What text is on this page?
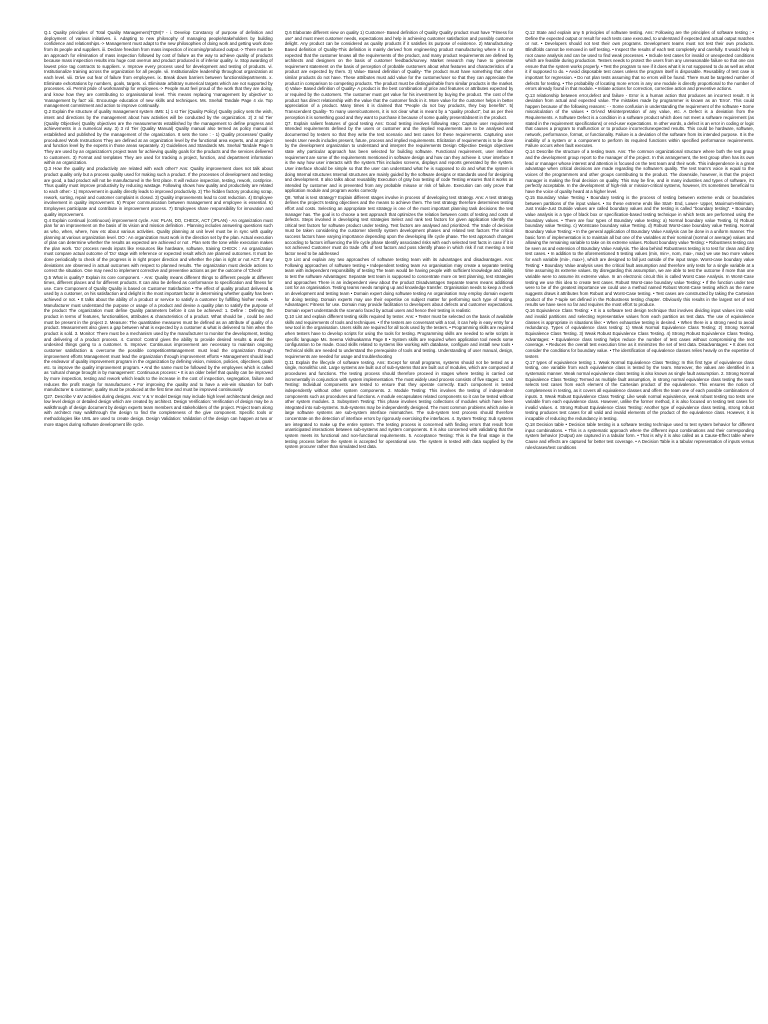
Q.1 Quality principles of Total Quality Management(TQM)? - i. Develop Constancy of purpose of definition and deployment of various initiatives. ii. Adapting to new philosophy of managing people/stakeholders by building confidence and relationships.-> Management must adapt to the new philosophies of doing work and getting work done from its people and suppliers. iii. Declare freedom from mass inspection of incoming/produced output.-> There must be an approach for elimination of mass inspection followed by cost of failure as the way to achieve quality of products because mass inspection results into huge cost overrun and product produced is of inferior quality. iv. Stop awarding of lowest price tag contracts to suppliers. v. Improve every process used for development and testing of products. vi. Institutionalize training across the organization for all people. vii. Institutionalize leadership throughout organization at each level. viii. Drive out fear of failure from employees. ix. Break down barriers between functions/departments. x. Eliminate exhortations by numbers, goals, targets. xi. Eliminate arbitrary numerical targets which are not supported by processes. xii. Permit pride of workmanship for employees.-> People must feel proud of the work that they are doing, and know how they are contributing to organisational level. This means replacing 'management by objective' to 'management by fact' xiii. Encourage education of new skills and techniques. Ms. Snehal Tandale Page 4 xiv. Top management commitment and action to improve continually.

Q.2 Explain the structure of quality management system 4M5: 1) 1 st Tier (Quality Policy) Quality policy sets the wish, intent and directions by the management about how activities will be conducted by the organization. 2) 2 nd Tier (Quality Objective) Quality objectives are the measurements established by the management to define progress and achievements in a numerical way. 3) 3 rd Tier (Quality Manual) Quality manual also termed as policy manual is established and published by the management of the organization. It sets the tone : - 1) Quality processes/ Quality procedures/ Work Instructions They are defined at an organization level by the functional area experts, and at project and function level by the experts in those areas separately. 2) Guidelines and Standards Ms. Snehal Tandale Page 5 They are used by an organization's project team for achieving quality goals for the products and the services delivered to customers. 3) Format and templates They are used for tracking a project, function, and department information within an organization.

Q.3 How the quality and productivity are related with each other? Ans: Quality improvement does not talk about product quality only but a process quality used for making such a product. If the processes of development and testing are good, a bad product will not be manufactured in the first place. It will reduce inspection, testing, rework, cost/price. Thus quality must improve productivity by reducing wastage. Following shows how quality and productivity are related to each other:- 1) Improvement in quality directly leads to improved productivity. 2) The hidden factory producing scrap, rework, sorting, repair and customer complaint is closed. 3) Quality improvements lead to cost reduction. 4) Employee involvement in quality improvement. 5) Proper communication between management and employee is essential. 6) Employees participate and contribute in improvement process. 7) Employees share responsibility for innovation and quality improvement.

Q.4 Explain continual (continuous) improvement cycle. Ans: PLAN, DO, CHECK, ACT (JPLAN) - An organization must plan for an improvement on the basis of its vision and mission definition . Planning includes answering questions such as who, when, where, how etc about various activities. Quality planning at unit level must be in sync with quality planning at various organization level. DO : An organization must work in the direction set by the plan. Actual execution of plan can determine whether the results as expected are achieved or not . Plan sets the tone while execution makes the plan work. 'Do' process needs inputs like resources like hardware, software, training CHECK : An organization must compare actual outcome of 'Do' stage with reference or expected result which are planned outcomes. It must be done periodically to check of the progress is in right proper direction and whether the plan is right or not ACT: If any deviations are observed in actual outcomes with respect to planned results. The organization must decide actions to correct the situation. One may need to implement corrective and preventive actions as per the outcome of 'Check'

Q.5 What is quality? Explain its core component. - Ans: Quality means different things to different people at different times, different places and for different products. It can also be defined as conformance to specification and fitness for use. Core Component of Quality Quality is based on Customer Satisfaction • The effect of quality product delivered & used by a customer, on his satisfaction and delight is the most important factor in determining whether quality has been achieved or not. • It talks about the ability of a product or service to satisfy a customer by fulfilling his/her needs. • Manufacturer must understand the purpose or usage of a product and devise a quality plan to satisfy the purpose of the product The organization must define Quality parameters before it can be achieved: 1. Define : Defining the product in terms of features, functionalities, attributes & characteristics of a product. What should be , could be and must be present in the project 2. Measure: The quantitative measures must be defined as an attribute of quality of a product. Measurement also gives a gap between what is expected by a customer & what is delivered to him when the product is sold. 3. Monitor: There must be a mechanism used by the manufacturer to monitor the development, testing and delivering of a product process. 4. Control: Control gives the ability to provide desired results & avoid the undesired things going to a customer. 5. Improve: Continuous improvement are necessary to maintain ongoing customer satisfaction & overcome the possible competitionManagement must lead the organization through improvement efforts Management must lead the organization through improvement efforts • Management should lead the endeavor of quality improvement program in the organization by defining vision, mission, policies, objectives, goals etc. to improve the quality improvement program. • And the same must be followed by the employees which is called as 'cultural change brought in by management'. Continuous process: • It is an older belief that quality can be improved by more inspection, testing and rework which leads to the increase in the cost of inspection, segregation, failure and reduces the profit margin for manufacturer. • For improving the quality and to have a win-win situation for both manufacturer & customer, quality must be produced at the first time and must be improved continuously

Q27. Describe V &V activities during designs. Ans: V & V model Design may include high level architectural design and low level design or detailed design which are created by architect. Design Verification: Verification of design may be a walkthrough of design document by design experts team members and stakeholders of the project. Project team along with architect may walkthrough the design to find the completeness of the give component. Specific tools or methodologies like UML are used to create design. Design Validation: Validation of the design can happen at two or more stages during software development life cycle.

Q.6 Elaborate different view on quality 1) Customer- Based definition of Quality Quality product must have "Fitness for use" and must meet customer needs, expectations and help in achieving customer satisfaction and possibly customer delight. Any product can be considered as quality products if it satisfies its purpose of existence. 2) Manufacturing- Based definition of Quality-This definition is mainly derived from engineering product manufacturing where it is not expected that the customer knows all the requirements of the product, and many product requirements are defined by architects and designers on the basis of customer feedback/survey. Market research may have to generate requirement statement on the basis of perception of probable customers about what features and characteristics of a product are expected by them. 3) Value- Based definition of Quality- The product must have something that other similar products do not have. These attributes must add value for the customer/user so that they can appreciate the product in comparison to competing products. The product must be distinguishable from similar products in the market. 4) Value- Based definition of Quality- A product is the best combination of price and features or attributes expected by or required by the customers. The customer must get value for his investment by buying the product. The cost of the product has direct relationship with the value that the customer finds in it. More value for the customer helps in better appreciation of a product. Many times it is claimed that "People do not buy products, they buy benefits". 5) Transcendent Quality- To many users/customers, it is not clear what is meant by a "quality product", but as per their perception it is something good and they want to purchase it because of some quality present/absent in the product.

Q7. Explain salient features of good testing Ans: Good testing involves following step: Capture user requirement Intended requirements defined by the users or customer and the implied requirements are to be analysed and documented by testers so that they write the test scenario and test cases for these requirements. Capturing user needs User needs includes present, future, process and implied requirements. Elicitation of requirements is to be done by the development organization to understand and interpret the requirements Design Objective Design objectives state why particular approach has been selected for building software. Functional requirement, user interface requirement are some of the requirements mentioned in software design and how can they achieve it. User interface It is the way how user interacts with the system.This includes screens, displays and reports generated by the system. User interface should be simple so that the user can understand what he is supposed to do and what the system is doing Internal structures Internal structures are mainly guided by the software designs or standards used for designing and development. It also talks about reusability Execution of gray box testing of code Testing ensures that it works as intended by customer and is prevented from any probable misuse or risk of failure. Execution can only prove that application module and program works correctly

Q8. 'What is test strategy? Explain different stages involve in process of developing test strategy. Ans: A test strategy defines the project's testing objectives and the means to achieve them. The test strategy therefore determines testing effort and costs. Selecting an appropriate test strategy is one of the most important planning task decisions the test manager has. The goal is to choose a test approach that optimizes the relation between costs of testing and costs of defects. Steps involved in developing test strategies Select and rank test factors for given application Identify the critical test factors for software product under testing. Test factors are analysed and prioritized. The trade of decision must be taken considering the customer Identify system development phases and related test factors The critical success factors have varying importance depending upon the developing life cycle phase. The test approach changes according to factors influencing the life cycle phase Identify associated risks with each selected test facts in case if it is not achieved Customer must do trade offs of test factors and poss Identify phase in which risk if not meeting a test factor need to be addressed

Q.9 List and explain any two approaches of software testing team with its advantages and disadvantages. Ans: Following approaches of software testing • Independent testing team An organisation may create a separate testing team with independent responsibility of testing The team would be having people with sufficient knowledge and ability to test the software Advantages: Separate test team is supposed to concentrate more on test planning, test strategies and approaches There is an independent view about the product Disadvantages Separate teams means additional cost for an organisation. Testing teams needs ramping up and knowledge transfer. Organisation needs to keep a check on development and testing team • Domain expert doing software testing An organisation may employ domain experts for doing testing. Domain experts may use their expertise on subject matter for performing such type of testing. Advantages: Fitness for use. Domain may provide facilitation to developers about defects and customer expectations. Domain expert understands the scenario faced by actual users and hence their testing is realistic

Q.10 List and explain different testing skills required by tester. Ans: • Tester must be selected on the basis of available skills and requirements of tools and techniques. • If the testers are conversant with a tool, it can help in easy entry for a new tool in the organisation. Users skills are required for all tools used by the testers. • Programming skills are required when testers have to develop scripts for using the tools for testing. Programming skills are needed to write scripts in specific language Ms. Seema Vishwakarma Page 8 • System skills are required when application tool needs some configuration to be made. Good skills related to systems like working with database, configure and install new tools • Technical skills are needed to understand the prerequisite of tools and testing. Understanding of user manual, design, requirements are needed for usage and troubleshooting

Q.11 Explain the lifecycle of software testing. Ans: Except for small programs, systems should not be tested as a single, monolithic unit. Large systems are built out of sub-systems that are built out of modules, which are composed of procedures and functions. The testing process should therefore proceed in stages where testing is carried out incrementally in conjunction with system implementation. The most widely used process consists of five stages: 1. Unit Testing: Individual components are tested to ensure that they operate correctly. Each component is tested independently without other system components. 2. Module Testing: This involves the testing of independent components such as procedures and functions. A module encapsulates related components so it can be tested without other system modules. 3. Subsystem Testing: This phase involves testing collections of modules which have been integrated into sub-systems. Sub-systems may be independently designed. The most common problems which arise in large software systems are sub-system interface mismatches. The sub-system test process should therefore concentrate on the detection of interface errors by rigorously exercising the interfaces. 4. System Testing: Sub systems are integrated to make up the entire system. The testing process is concerned with finding errors that result from unanticipated interactions between sub-systems and system components. It is also concerned with validating that the system meets its functional and non-functional requirements. 5. Acceptance Testing: This is the final stage in the testing process before the system is accepted for operational use. The system is tested with data supplied by the system procurer rather than simulated test data.

Q.12 State and explain any 5 principles of software testing. Ans: Following are the principles of software testing : • Define the expected output or result for each tests case executed, to understand if expected and actual output matches or not. • Developers should not test their own programs. Development teams must not test their own products. Blindfolds cannot be removed in self testing. • Inspect the results of each test completely and carefully. It would help in root cause analysis and can be used to find weak processes. • Include test cases for invalid or unexpected conditions which are feasible during production. Testers needs to protect the users from any unreasonable failure so that one can ensure that the system works properly. • Test the program to see if it does what it is not supposed to do as well as what it if supposed to do. • Avoid disposable test cases unless the program itself is disposable. Reusability of test case is important for regression. • Do not plan tests assuming that no errors will be found. There must be targeted number of defects for testing. • The probability of locating more errors in any one module is directly proportional to the number of errors already found in that module. • Initiate actions for correction, corrective action and preventive actions.

Q.13 relationship between error,defect and failure - Error is a human action that produces an incorrect result. It is deviation from actual and expected value. The mistakes made by programmer is known as an 'Error'. This could happen because of the following reasons: - - Some confusion in understanding the requirement of the software • Some miscalculation of the values • Or/And Misinterpretation of any value, etc. A Defect is a deviation from the Requirements. A Software Defect is a condition in a software product which does not meet a software requirement (as stated in the requirement specifications) or end-user expectations. In other words, a defect is an error in coding or logic that causes a program to malfunction or to produce incorrect/unexpected results. This could be hardware, software, network, performance, format, or functionality. Failure is a deviation of the software from its intended purpose. It is the inability of a system or a component to perform its required functions within specified performance requirements. Failure occurs when fault executes.

Q.14 Describe the structure of a testing team. Ans: The common organizational structure where both the test group and the development group report to the manager of the project. In this arrangement, the test group often has its own lead or manager whose interest and attention is focused on the test team and their work. This independence is a great advantage when critical decisions are made regarding the software's quality. The test team's voice is equal to the voices of the programmers and other groups contributing to the product. The downside, however, is that the project manager is making the final decision on quality. This may be fine, and in many industries and types of software, it's perfectly acceptable. In the development of high-risk or mission-critical systems, however, it's sometimes beneficial to have the voice of quality heard at a higher level.

Q.15 Boundary Value Testing • Boundary testing is the process of testing between extreme ends or boundaries between partitions of the input values. • So these extreme ends like Start- End, Lower- Upper, Maximum-Minimum, Just Inside-Just Outside values are called boundary values and the testing is called "boundary testing". • Boundary value analysis is a type of black box or specification-based testing technique in which tests are performed using the boundary values. • There are four types of Boundary value testing: a) Normal boundary value Testing. b) Robust boundary value Testing. c) Worstcase boundary value Testing. d) Robust Worst-case boundary value Testing. Normal Boundary Value Testing: • In the general application of Boundary Value Analysis can be done in a uniform manner. The basic form of implementation is to maintain all but one of the variables at their nominal (normal or average) values and allowing the remaining variable to take on its extreme values. Robust boundary value Testing: • Robustness testing can be seen as and extension of Boundary Value Analysis. The idea behind Robustness testing is to test for clean and dirty test cases. • In addition to the aforementioned 5 testing values (min, min+, nom, max-, max) we use two more values for each variable (min-, max+), which are designed to fall just outside of the input range. Worst-case boundary value Testing: • Boundary Value analysis uses the critical fault assumption and therefore only tests for a single variable at a time assuming its extreme values. By disregarding this assumption, we are able to test the outcome if more than one variable were to assume its extreme value. In an electronic circuit this is called Worst Case Analysis. In Worst-Case testing we use this idea to create test cases. Robust Worst-case boundary value Testing: • If the function under test were to be of the greatest importance we could use a method named Robust Worst-Case testing which as the name suggests draws it attributes from Robust and Worst-Case testing. • Test cases are constructed by taking the Cartesian product of the 7-tuple set defined in the Robustness testing chapter. Obviously this results in the largest set of test results we have seen so far and requires the most effort to produce.

Q.16 Equivalence Class Testing: • It is a software test design technique that involves dividing input values into valid and invalid partitions and selecting representative values from each partition as test data. The use of equivalence classes is appropriate in situations like: • When exhaustive testing is desired. • When there is a strong need to avoid redundancy. Types of equivalence class testing: 1) Weak Normal Equivalence Class Testing; 2) Strong Normal Equivalence Class Testing. 3) Weak Robust Equivalence Class Testing. 4) Strong Robust Equivalence Class Testing. Advantages: • Equivalence class testing helps reduce the number of test cases without compromising the test coverage. • Reduces the overall test execution time as it minimizes the set of test data. Disadvantages: • It does not consider the conditions for boundary value. • The identification of equivalence classes relies heavily on the expertise of testers

Q.17 types of equivalence testing 1. Weak Normal Equivalence Class Testing: In this first type of equivalence class testing, one variable from each equivalence class is tested by the team. Moreover, the values are identified in a systematic manner. Weak normal equivalence class testing is also known as single fault assumption. 2. Strong Normal Equivalence Class Testing: Termed as multiple fault assumption, in strong normal equivalence class testing the team selects test cases from each element of the Cartesian product of the equivalence. This ensures the notion of completeness in testing, as it covers all equivalence classes and offers the team one of each possible combinations of inputs. 3. Weak Robust Equivalence Class Testing: Like weak normal equivalence, weak robust testing too tests one variable from each equivalence class. However, unlike the former method, it is also focused on testing test cases for invalid values. 4. Strong Robust Equivalence Class Testing: Another type of equivalence class testing, strong robust testing produces test cases for all valid and invalid elements of the product of the equivalence class. However, it is incapable of reducing the redundancy in testing.

Q.18 Decision table • Decision table testing is a software testing technique used to test system behavior for different input combinations. • This is a systematic approach where the different input combinations and their corresponding system behavior (Output) are captured in a tabular form. • That is why it is also called as a Cause-Effect table where Cause and effects are captured for better test coverage. • A Decision Table is a tabular representation of inputs versus rules/cases/test conditions
